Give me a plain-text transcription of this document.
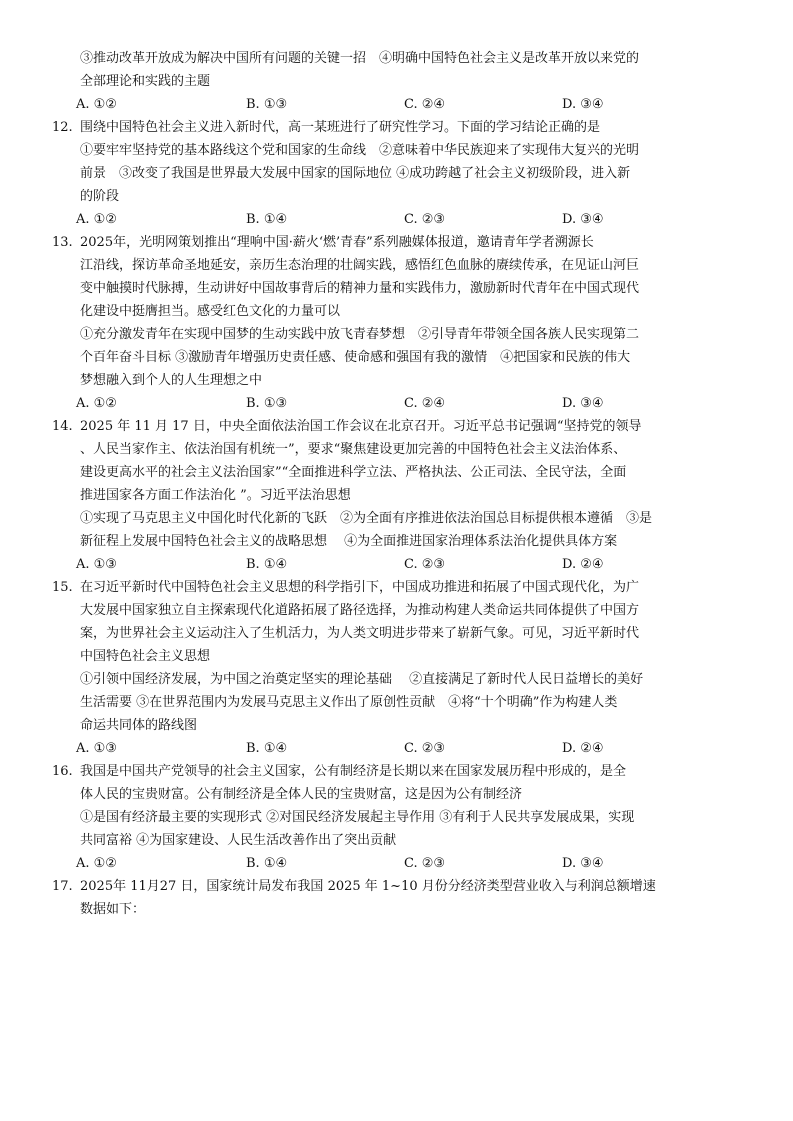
③推动改革开放成为解决中国所有问题的关键一招　④明确中国特色社会主义是改革开放以来党的
全部理论和实践的主题
A. ①②	B. ①③	C. ②④	D. ③④
12. 围绕中国特色社会主义进入新时代，高一某班进行了研究性学习。下面的学习结论正确的是
①要牢牢坚持党的基本路线这个党和国家的生命线　②意味着中华民族迎来了实现伟大复兴的光明
前景　③改变了我国是世界最大发展中国家的国际地位 ④成功跨越了社会主义初级阶段，进入新
的阶段
A. ①②	B. ①④	C. ②③	D. ③④
13. 2025年，光明网策划推出“理响中国·薪火‘燃’青春”系列融媒体报道，邀请青年学者溯源长
江沿线，探访革命圣地延安，亲历生态治理的壮阔实践，感悟红色血脉的赓续传承，在见证山河巨
变中触摸时代脉搏，生动讲好中国故事背后的精神力量和实践伟力，激励新时代青年在中国式现代
化建设中挺膺担当。感受红色文化的力量可以
①充分激发青年在实现中国梦的生动实践中放飞青春梦想　②引导青年带领全国各族人民实现第二
个百年奋斗目标 ③激励青年增强历史责任感、使命感和强国有我的激情　④把国家和民族的伟大
梦想融入到个人的人生理想之中
A. ①②	B. ①③	C. ②④	D. ③④
14. 2025 年 11 月 17 日，中央全面依法治国工作会议在北京召开。习近平总书记强调“坚持党的领导
、人民当家作主、依法治国有机统一”，要求“聚焦建设更加完善的中国特色社会主义法治体系、
建设更高水平的社会主义法治国家”“全面推进科学立法、严格执法、公正司法、全民守法，全面
推进国家各方面工作法治化 ”。习近平法治思想
①实现了马克思主义中国化时代化新的飞跃　②为全面有序推进依法治国总目标提供根本遵循　③是
新征程上发展中国特色社会主义的战略思想　 ④为全面推进国家治理体系法治化提供具体方案
A. ①③	B. ①④	C. ②③	D. ②④
15. 在习近平新时代中国特色社会主义思想的科学指引下，中国成功推进和拓展了中国式现代化，为广
大发展中国家独立自主探索现代化道路拓展了路径选择，为推动构建人类命运共同体提供了中国方
案，为世界社会主义运动注入了生机活力，为人类文明进步带来了崭新气象。可见，习近平新时代
中国特色社会主义思想
①引领中国经济发展，为中国之治奠定坚实的理论基础　 ②直接满足了新时代人民日益增长的美好
生活需要 ③在世界范围内为发展马克思主义作出了原创性贡献　④将“十个明确”作为构建人类
命运共同体的路线图
A. ①③	B. ①④	C. ②③	D. ②④
16. 我国是中国共产党领导的社会主义国家，公有制经济是长期以来在国家发展历程中形成的，是全
体人民的宝贵财富。公有制经济是全体人民的宝贵财富，这是因为公有制经济
①是国有经济最主要的实现形式 ②对国民经济发展起主导作用 ③有利于人民共享发展成果，实现
共同富裕 ④为国家建设、人民生活改善作出了突出贡献
A. ①②	B. ①④	C. ②③	D. ③④
17. 2025年 11月27 日，国家统计局发布我国 2025 年 1~10 月份分经济类型营业收入与利润总额增速
数据如下：
